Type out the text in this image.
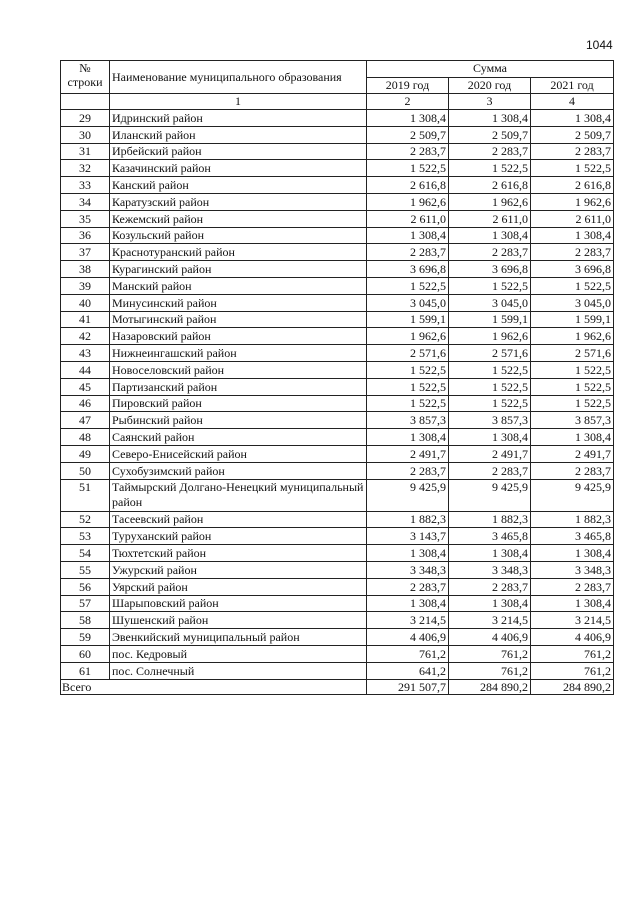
1044
№
строки	Наименование муниципального образования	Сумма		
		2019 год	2020 год	2021 год
	1	2	3	4
29	Идринский район	1 308,4	1 308,4	1 308,4
30	Иланский район	2 509,7	2 509,7	2 509,7
31	Ирбейский район	2 283,7	2 283,7	2 283,7
32	Казачинский район	1 522,5	1 522,5	1 522,5
33	Канский район	2 616,8	2 616,8	2 616,8
34	Каратузский район	1 962,6	1 962,6	1 962,6
35	Кежемский район	2 611,0	2 611,0	2 611,0
36	Козульский район	1 308,4	1 308,4	1 308,4
37	Краснотуранский район	2 283,7	2 283,7	2 283,7
38	Курагинский район	3 696,8	3 696,8	3 696,8
39	Манский район	1 522,5	1 522,5	1 522,5
40	Минусинский район	3 045,0	3 045,0	3 045,0
41	Мотыгинский район	1 599,1	1 599,1	1 599,1
42	Назаровский район	1 962,6	1 962,6	1 962,6
43	Нижнеингашский район	2 571,6	2 571,6	2 571,6
44	Новоселовский район	1 522,5	1 522,5	1 522,5
45	Партизанский район	1 522,5	1 522,5	1 522,5
46	Пировский район	1 522,5	1 522,5	1 522,5
47	Рыбинский район	3 857,3	3 857,3	3 857,3
48	Саянский район	1 308,4	1 308,4	1 308,4
49	Северо-Енисейский район	2 491,7	2 491,7	2 491,7
50	Сухобузимский район	2 283,7	2 283,7	2 283,7
51	Таймырский Долгано-Ненецкий муниципальный район	9 425,9	9 425,9	9 425,9
52	Тасеевский район	1 882,3	1 882,3	1 882,3
53	Туруханский район	3 143,7	3 465,8	3 465,8
54	Тюхтетский район	1 308,4	1 308,4	1 308,4
55	Ужурский район	3 348,3	3 348,3	3 348,3
56	Уярский район	2 283,7	2 283,7	2 283,7
57	Шарыповский район	1 308,4	1 308,4	1 308,4
58	Шушенский район	3 214,5	3 214,5	3 214,5
59	Эвенкийский муниципальный район	4 406,9	4 406,9	4 406,9
60	пос. Кедровый	761,2	761,2	761,2
61	пос. Солнечный	641,2	761,2	761,2
Всего		291 507,7	284 890,2	284 890,2
